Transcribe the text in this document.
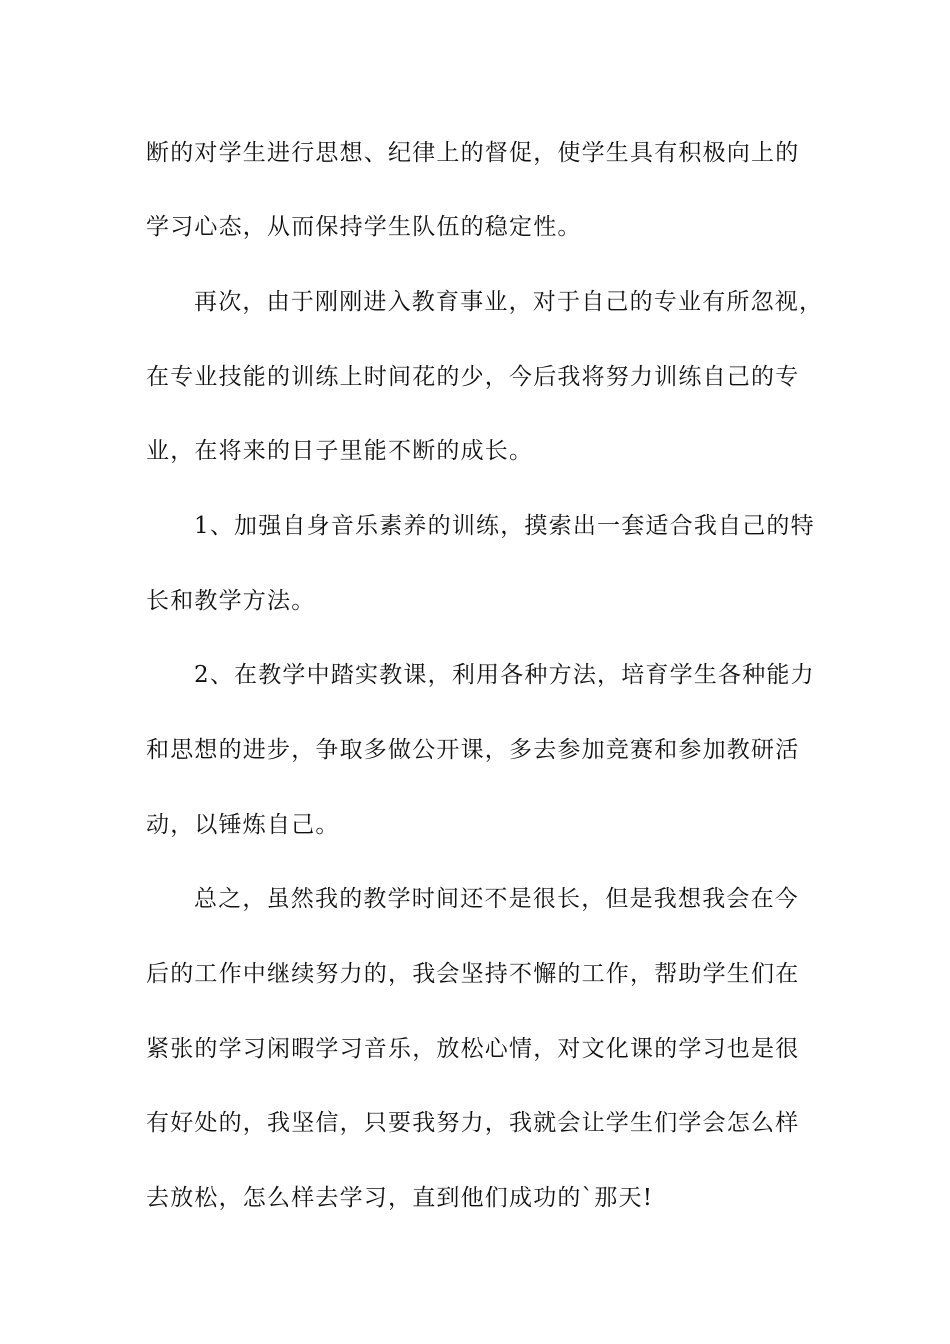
断的对学生进行思想、纪律上的督促，使学生具有积极向上的
学习心态，从而保持学生队伍的稳定性。
再次，由于刚刚进入教育事业，对于自己的专业有所忽视，
在专业技能的训练上时间花的少，今后我将努力训练自己的专
业，在将来的日子里能不断的成长。
1、加强自身音乐素养的训练，摸索出一套适合我自己的特
长和教学方法。
2、在教学中踏实教课，利用各种方法，培育学生各种能力
和思想的进步，争取多做公开课，多去参加竞赛和参加教研活
动，以锤炼自己。
总之，虽然我的教学时间还不是很长，但是我想我会在今
后的工作中继续努力的，我会坚持不懈的工作，帮助学生们在
紧张的学习闲暇学习音乐，放松心情，对文化课的学习也是很
有好处的，我坚信，只要我努力，我就会让学生们学会怎么样
去放松，怎么样去学习，直到他们成功的`那天!
